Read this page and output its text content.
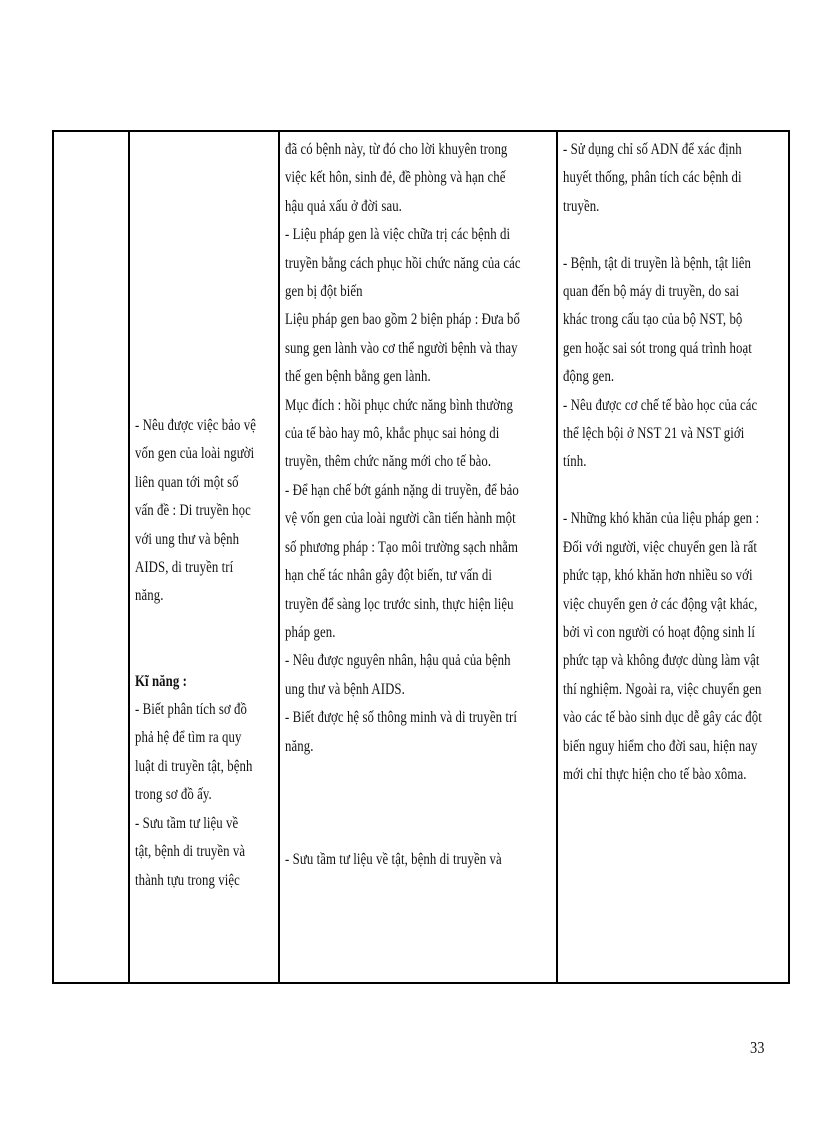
- Nêu được việc bảo vệ
vốn gen của loài người
liên quan tới một số
vấn đề : Di truyền học
với ung thư và bệnh
AIDS, di truyền trí
năng.

Kĩ năng :
- Biết phân tích sơ đồ
phả hệ để tìm ra quy
luật di truyền tật, bệnh
trong sơ đồ ấy.
- Sưu tầm tư liệu về
tật, bệnh di truyền và
thành tựu trong việc
đã có bệnh này, từ đó cho lời khuyên trong
việc kết hôn, sinh đẻ, đề phòng và hạn chế
hậu quả xấu ở đời sau.
- Liệu pháp gen là việc chữa trị các bệnh di
truyền bằng cách phục hồi chức năng của các
gen bị đột biến
Liệu pháp gen bao gồm 2 biện pháp : Đưa bổ
sung gen lành vào cơ thể người bệnh và thay
thế gen bệnh bằng gen lành.
Mục đích : hồi phục chức năng bình thường
của tế bào hay mô, khắc phục sai hỏng di
truyền, thêm chức năng mới cho tế bào.
- Để hạn chế bớt gánh nặng di truyền, để bảo
vệ vốn gen của loài người cần tiến hành một
số phương pháp : Tạo môi trường sạch nhằm
hạn chế tác nhân gây đột biến, tư vấn di
truyền để sàng lọc trước sinh, thực hiện liệu
pháp gen.
- Nêu được nguyên nhân, hậu quả của bệnh
ung thư và bệnh AIDS.
- Biết được hệ số thông minh và di truyền trí
năng.

- Sưu tầm tư liệu về tật, bệnh di truyền và
- Sử dụng chỉ số ADN để xác định
huyết thống, phân tích các bệnh di
truyền.

- Bệnh, tật di truyền là bệnh, tật liên
quan đến bộ máy di truyền, do sai
khác trong cấu tạo của bộ NST, bộ
gen hoặc sai sót trong quá trình hoạt
động gen.
- Nêu được cơ chế tế bào học của các
thể lệch bội ở NST 21 và NST giới
tính.

- Những khó khăn của liệu pháp gen :
Đối với người, việc chuyển gen là rất
phức tạp, khó khăn hơn nhiều so với
việc chuyển gen ở các động vật khác,
bởi vì con người có hoạt động sinh lí
phức tạp và không được dùng làm vật
thí nghiệm. Ngoài ra, việc chuyển gen
vào các tế bào sinh dục dễ gây các đột
biến nguy hiểm cho đời sau, hiện nay
mới chỉ thực hiện cho tế bào xôma.
33
